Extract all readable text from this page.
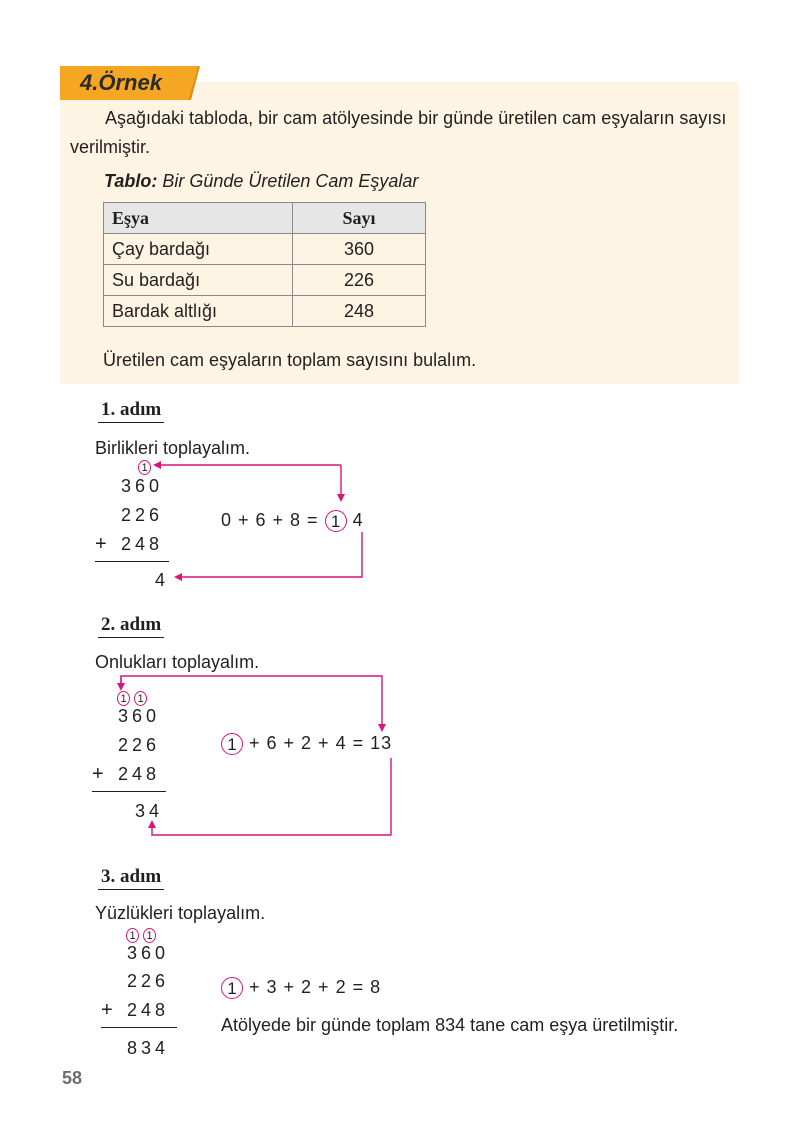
4.Örnek
Aşağıdaki tabloda, bir cam atölyesinde bir günde üretilen cam eşyaların sayısı verilmiştir.
Tablo: Bir Günde Üretilen Cam Eşyalar
Eşya	Sayı
Çay bardağı	360
Su bardağı	226
Bardak altlığı	248
Üretilen cam eşyaların toplam sayısını bulalım.
1. adım
Birlikleri toplayalım.
1
360
226
+ 248
4
0 + 6 + 8 = 1 4
2. adım
Onlukları toplayalım.
1 1
360
226
+ 248
34
1 + 6 + 2 + 4 = 13
3. adım
Yüzlükleri toplayalım.
1 1
360
226
+ 248
834
1 + 3 + 2 + 2 = 8
Atölyede bir günde toplam 834 tane cam eşya üretilmiştir.
58
